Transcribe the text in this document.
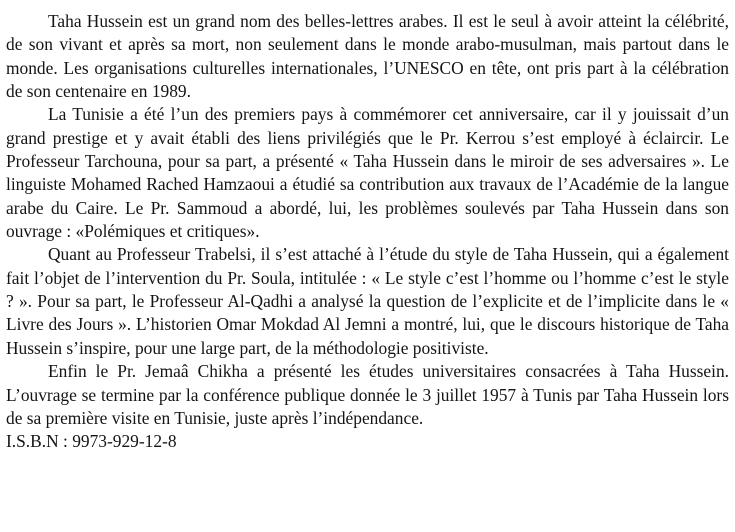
Taha Hussein est un grand nom des belles-lettres arabes. Il est le seul à avoir atteint la célébrité, de son vivant et après sa mort, non seulement dans le monde arabo-musulman, mais partout dans le monde. Les organisations culturelles internationales, l’UNESCO en tête, ont pris part à la célébration de son centenaire en 1989.

La Tunisie a été l’un des premiers pays à commémorer cet anniversaire, car il y jouissait d’un grand prestige et y avait établi des liens privilégiés que le Pr. Kerrou s’est employé à éclaircir. Le Professeur Tarchouna, pour sa part, a présenté « Taha Hussein dans le miroir de ses adversaires ». Le linguiste Mohamed Rached Hamzaoui a étudié sa contribution aux travaux de l’Académie de la langue arabe du Caire. Le Pr. Sammoud a abordé, lui, les problèmes soulevés par Taha Hussein dans son ouvrage : «Polémiques et critiques».

Quant au Professeur Trabelsi, il s’est attaché à l’étude du style de Taha Hussein, qui a également fait l’objet de l’intervention du Pr. Soula, intitulée : « Le style c’est l’homme ou l’homme c’est le style ? ». Pour sa part, le Professeur Al-Qadhi a analysé la question de l’explicite et de l’implicite dans le « Livre des Jours ». L’historien Omar Mokdad Al Jemni a montré, lui, que le discours historique de Taha Hussein s’inspire, pour une large part, de la méthodologie positiviste.

Enfin le Pr. Jemaâ Chikha a présenté les études universitaires consacrées à Taha Hussein. L’ouvrage se termine par la conférence publique donnée le 3 juillet 1957 à Tunis par Taha Hussein lors de sa première visite en Tunisie, juste après l’indépendance.

I.S.B.N : 9973-929-12-8
